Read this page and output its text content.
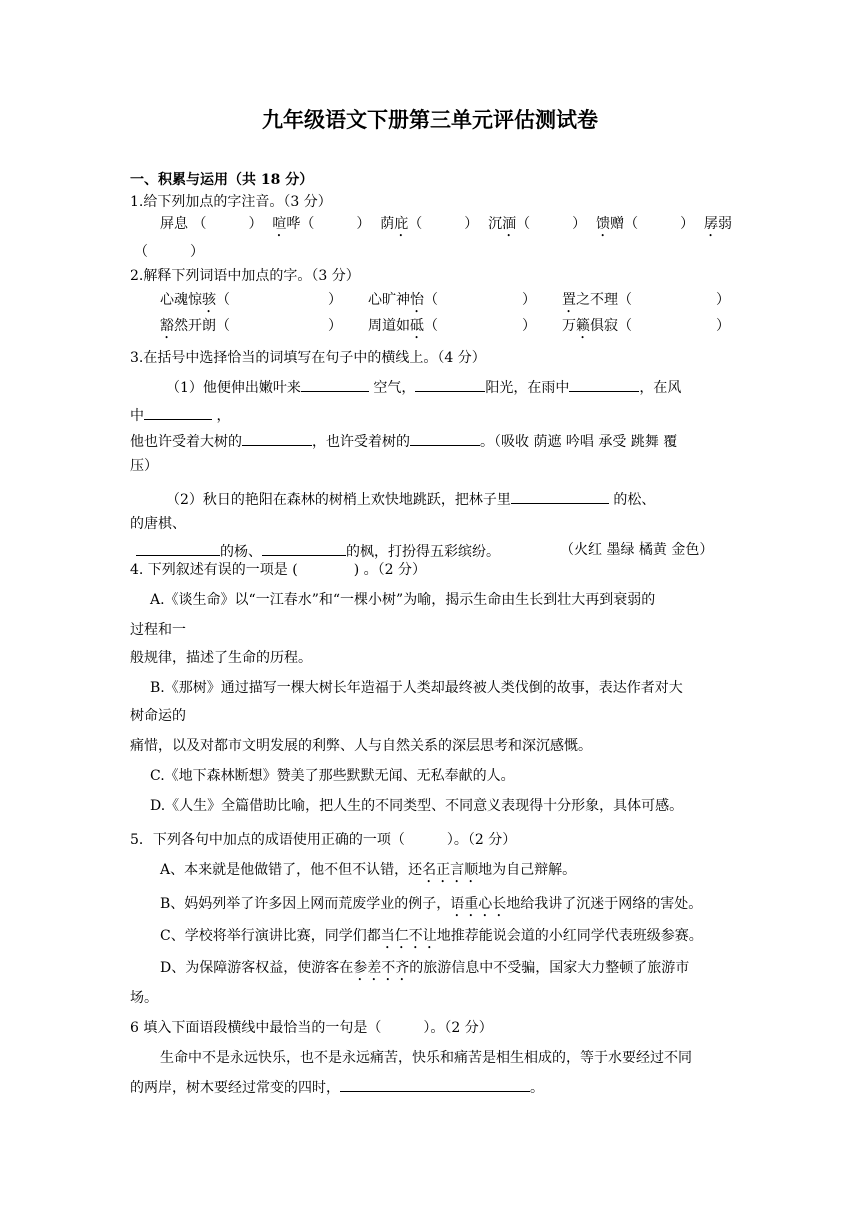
九年级语文下册第三单元评估测试卷
一、积累与运用（共 18 分）
1.给下列加点的字注音。（3 分）
屏息 （　　　） 喧哗（　　　） 荫庇（　　　） 沉湎（　　　） 馈赠（　　　） 孱弱
（　　　）
2.解释下列词语中加点的字。（3 分）
心魂惊骇（　　　　　　　） 心旷神怡（　　　　　　） 置之不理（　　　　　　）
豁然开朗（　　　　　　　） 周道如砥（　　　　　　） 万籁俱寂（　　　　　　）
3.在括号中选择恰当的词填写在句子中的横线上。（4 分）
（1）他便伸出嫩叶来	空气，	阳光，在雨中	，在风
中	，
他也许受着大树的	，也许受着树的	。（吸收 荫遮 吟唱 承受 跳舞 覆
压）
（2）秋日的艳阳在森林的树梢上欢快地跳跃，把林子里	的松、
的唐棋、
的杨、	的枫，打扮得五彩缤纷。	（火红 墨绿 橘黄 金色）
4. 下列叙述有误的一项是 (　　　　) 。（2 分）
A.《谈生命》以“一江春水”和“一棵小树”为喻，揭示生命由生长到壮大再到衰弱的
过程和一
般规律，描述了生命的历程。
B.《那树》通过描写一棵大树长年造福于人类却最终被人类伐倒的故事，表达作者对大
树命运的
痛惜，以及对都市文明发展的利弊、人与自然关系的深层思考和深沉感慨。
C.《地下森林断想》赞美了那些默默无闻、无私奉献的人。
D.《人生》全篇借助比喻，把人生的不同类型、不同意义表现得十分形象，具体可感。
5．下列各句中加点的成语使用正确的一项（　　　）。（2 分）
A、本来就是他做错了，他不但不认错，还名正言顺地为自己辩解。
B、妈妈列举了许多因上网而荒废学业的例子，语重心长地给我讲了沉迷于网络的害处。
C、学校将举行演讲比赛，同学们都当仁不让地推荐能说会道的小红同学代表班级参赛。
D、为保障游客权益，使游客在参差不齐的旅游信息中不受骗，国家大力整顿了旅游市
场。
6 填入下面语段横线中最恰当的一句是（　　　）。（2 分）
生命中不是永远快乐，也不是永远痛苦，快乐和痛苦是相生相成的，等于水要经过不同
的两岸，树木要经过常变的四时，	。
